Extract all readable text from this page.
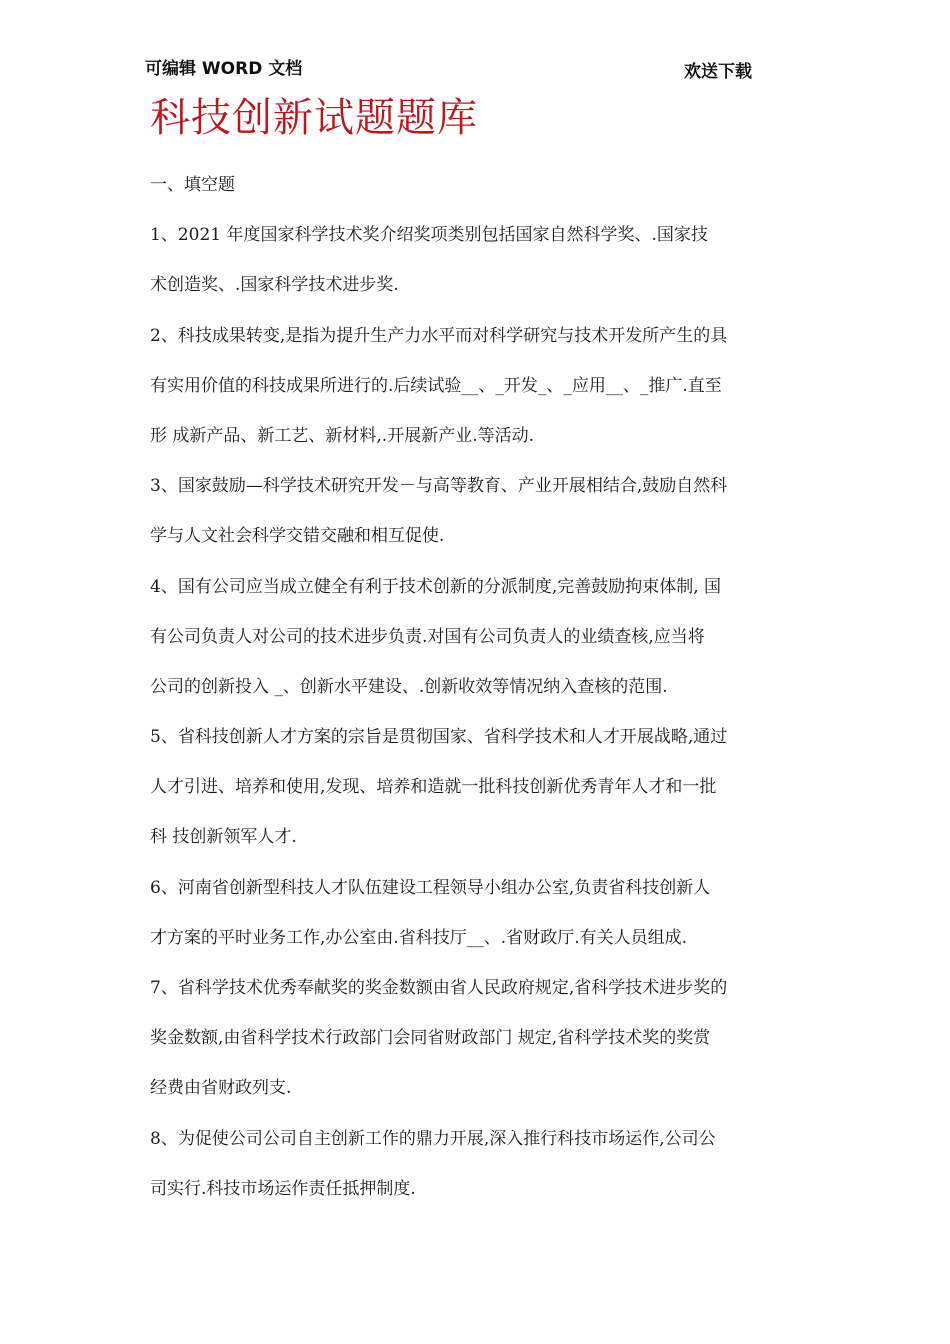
可编辑 WORD 文档	欢送下载
科技创新试题题库
一、填空题
1、2021 年度国家科学技术奖介绍奖项类别包括国家自然科学奖、.国家技
术创造奖、.国家科学技术进步奖.
2、科技成果转变,是指为提升生产力水平而对科学研究与技术开发所产生的具
有实用价值的科技成果所进行的.后续试验__、_开发_、_应用__、_推广.直至
形 成新产品、新工艺、新材料,.开展新产业.等活动.
3、国家鼓励—科学技术研究开发－与高等教育、产业开展相结合,鼓励自然科
学与人文社会科学交错交融和相互促使.
4、国有公司应当成立健全有利于技术创新的分派制度,完善鼓励拘束体制, 国
有公司负责人对公司的技术进步负责.对国有公司负责人的业绩查核,应当将
公司的创新投入 _、创新水平建设、.创新收效等情况纳入查核的范围.
5、省科技创新人才方案的宗旨是贯彻国家、省科学技术和人才开展战略,通过
人才引进、培养和使用,发现、培养和造就一批科技创新优秀青年人才和一批
科 技创新领军人才.
6、河南省创新型科技人才队伍建设工程领导小组办公室,负责省科技创新人
才方案的平时业务工作,办公室由.省科技厅__、.省财政厅.有关人员组成.
7、省科学技术优秀奉献奖的奖金数额由省人民政府规定,省科学技术进步奖的
奖金数额,由省科学技术行政部门会同省财政部门 规定,省科学技术奖的奖赏
经费由省财政列支.
8、为促使公司公司自主创新工作的鼎力开展,深入推行科技市场运作,公司公
司实行.科技市场运作责任抵押制度.
